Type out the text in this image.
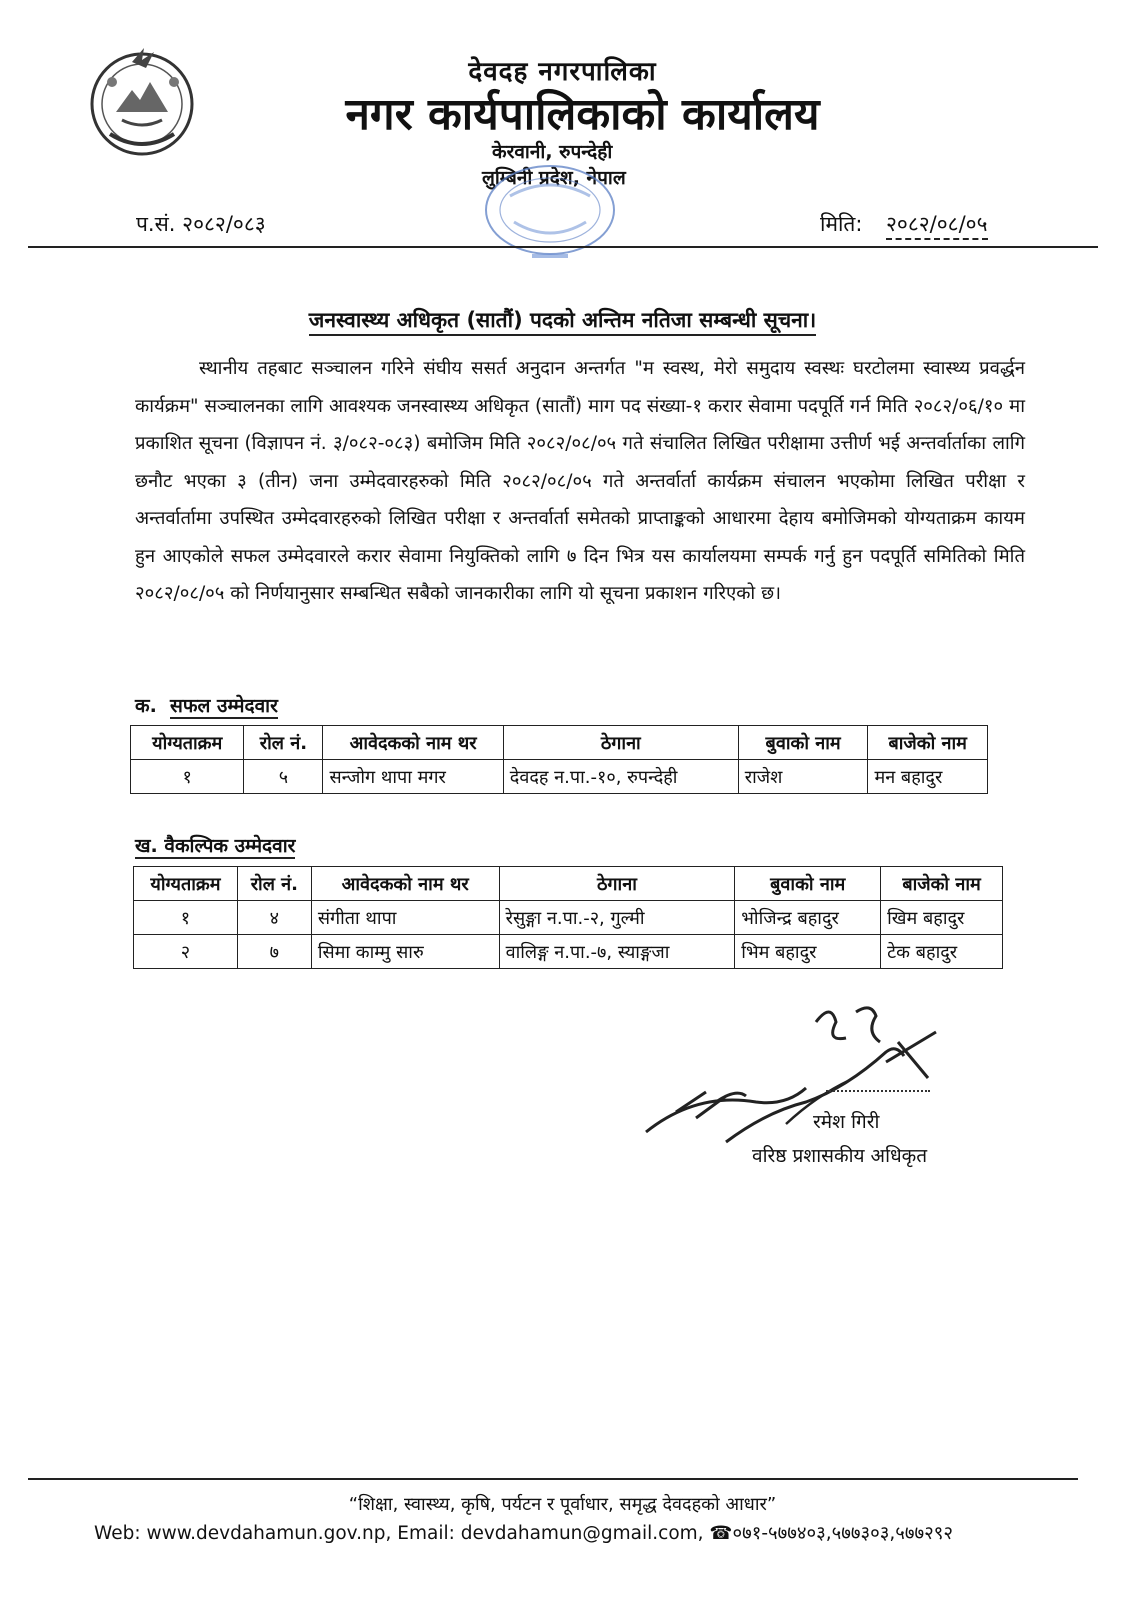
देवदह नगरपालिका
नगर कार्यपालिकाको कार्यालय
केरवानी, रुपन्देही
लुम्बिनी प्रदेश, नेपाल
प.सं. २०८२/०८३	मिति: २०८२/०८/०५
जनस्वास्थ्य अधिकृत (सातौं) पदको अन्तिम नतिजा सम्बन्धी सूचना।
स्थानीय तहबाट सञ्चालन गरिने संघीय ससर्त अनुदान अन्तर्गत "म स्वस्थ, मेरो समुदाय स्वस्थः घरटोलमा स्वास्थ्य प्रवर्द्धन कार्यक्रम" सञ्चालनका लागि आवश्यक जनस्वास्थ्य अधिकृत (सातौं) माग पद संख्या-१ करार सेवामा पदपूर्ति गर्न मिति २०८२/०६/१० मा प्रकाशित सूचना (विज्ञापन नं. ३/०८२-०८३) बमोजिम मिति २०८२/०८/०५ गते संचालित लिखित परीक्षामा उत्तीर्ण भई अन्तर्वार्ताका लागि छनौट भएका ३ (तीन) जना उम्मेदवारहरुको मिति २०८२/०८/०५ गते अन्तर्वार्ता कार्यक्रम संचालन भएकोमा लिखित परीक्षा र अन्तर्वार्तामा उपस्थित उम्मेदवारहरुको लिखित परीक्षा र अन्तर्वार्ता समेतको प्राप्ताङ्कको आधारमा देहाय बमोजिमको योग्यताक्रम कायम हुन आएकोले सफल उम्मेदवारले करार सेवामा नियुक्तिको लागि ७ दिन भित्र यस कार्यालयमा सम्पर्क गर्नु हुन पदपूर्ति समितिको मिति २०८२/०८/०५ को निर्णयानुसार सम्बन्धित सबैको जानकारीका लागि यो सूचना प्रकाशन गरिएको छ।
क. सफल उम्मेदवार
योग्यताक्रम	रोल नं.	आवेदकको नाम थर	ठेगाना	बुवाको नाम	बाजेको नाम
१	५	सन्जोग थापा मगर	देवदह न.पा.-१०, रुपन्देही	राजेश	मन बहादुर
ख. वैकल्पिक उम्मेदवार
योग्यताक्रम	रोल नं.	आवेदकको नाम थर	ठेगाना	बुवाको नाम	बाजेको नाम
१	४	संगीता थापा	रेसुङ्गा न.पा.-२, गुल्मी	भोजिन्द्र बहादुर	खिम बहादुर
२	७	सिमा काम्मु सारु	वालिङ्ग न.पा.-७, स्याङ्गजा	भिम बहादुर	टेक बहादुर
रमेश गिरी
वरिष्ठ प्रशासकीय अधिकृत
“शिक्षा, स्वास्थ्य, कृषि, पर्यटन र पूर्वाधार, समृद्ध देवदहको आधार”
Web: www.devdahamun.gov.np, Email: devdahamun@gmail.com, ☎०७१-५७७४०३,५७७३०३,५७७२९२
